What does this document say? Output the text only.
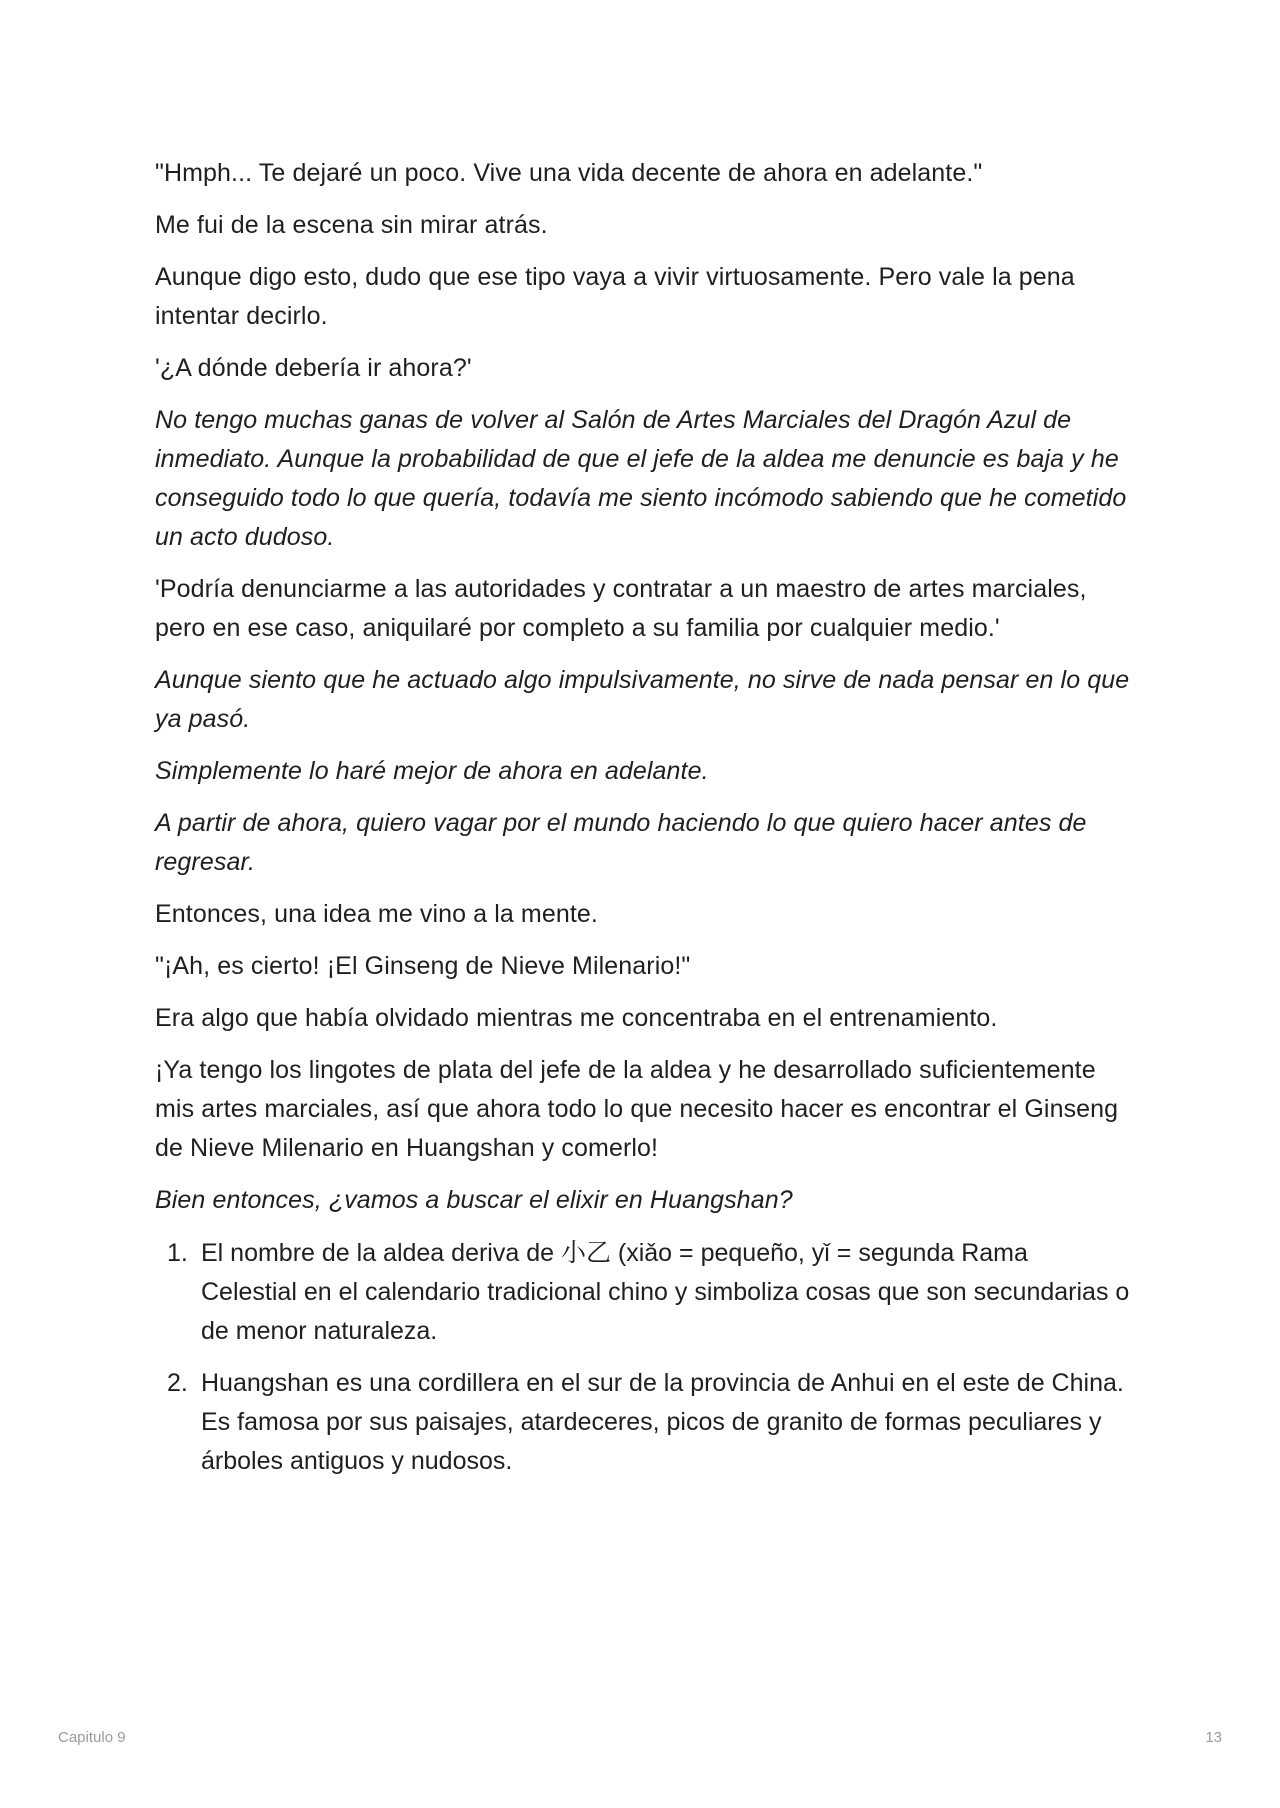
"Hmph... Te dejaré un poco. Vive una vida decente de ahora en adelante."

Me fui de la escena sin mirar atrás.

Aunque digo esto, dudo que ese tipo vaya a vivir virtuosamente. Pero vale la pena intentar decirlo.

'¿A dónde debería ir ahora?'

No tengo muchas ganas de volver al Salón de Artes Marciales del Dragón Azul de inmediato. Aunque la probabilidad de que el jefe de la aldea me denuncie es baja y he conseguido todo lo que quería, todavía me siento incómodo sabiendo que he cometido un acto dudoso.

'Podría denunciarme a las autoridades y contratar a un maestro de artes marciales, pero en ese caso, aniquilaré por completo a su familia por cualquier medio.'

Aunque siento que he actuado algo impulsivamente, no sirve de nada pensar en lo que ya pasó.

Simplemente lo haré mejor de ahora en adelante.

A partir de ahora, quiero vagar por el mundo haciendo lo que quiero hacer antes de regresar.

Entonces, una idea me vino a la mente.

"¡Ah, es cierto! ¡El Ginseng de Nieve Milenario!"

Era algo que había olvidado mientras me concentraba en el entrenamiento.

¡Ya tengo los lingotes de plata del jefe de la aldea y he desarrollado suficientemente mis artes marciales, así que ahora todo lo que necesito hacer es encontrar el Ginseng de Nieve Milenario en Huangshan y comerlo!

Bien entonces, ¿vamos a buscar el elixir en Huangshan?

1. El nombre de la aldea deriva de 小乙 (xiǎo = pequeño, yǐ = segunda Rama Celestial en el calendario tradicional chino y simboliza cosas que son secundarias o de menor naturaleza.
2. Huangshan es una cordillera en el sur de la provincia de Anhui en el este de China. Es famosa por sus paisajes, atardeceres, picos de granito de formas peculiares y árboles antiguos y nudosos.
Capitulo 9	13
